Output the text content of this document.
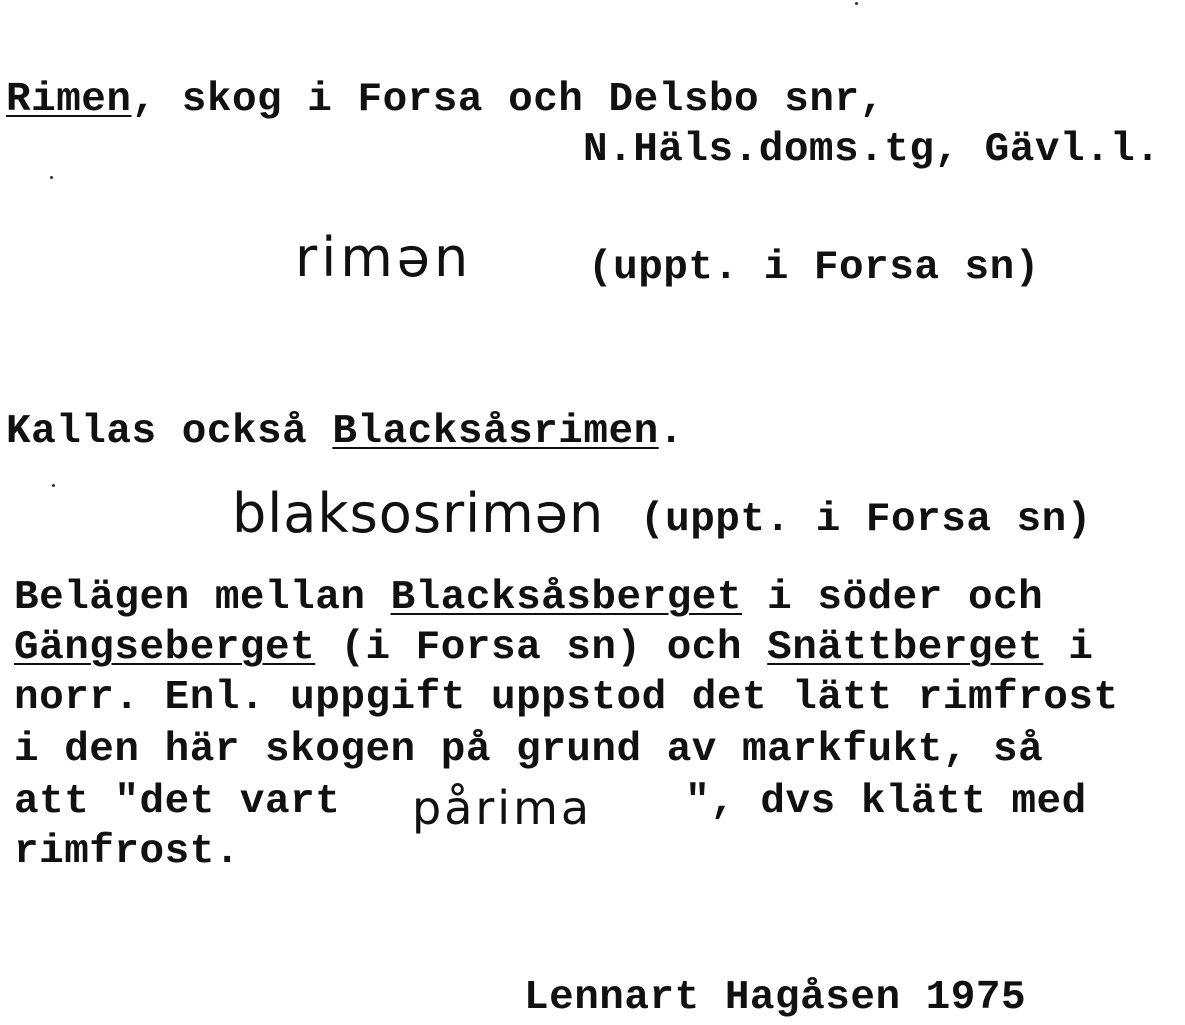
Rimen, skog i Forsa och Delsbo snr,
N.Häls.doms.tg, Gävl.l.
rimən	(uppt. i Forsa sn)
Kallas också Blacksåsrimen.
blaksosrimən (uppt. i Forsa sn)
Belägen mellan Blacksåsberget i söder och
Gängseberget (i Forsa sn) och Snättberget i
norr. Enl. uppgift uppstod det lätt rimfrost
i den här skogen på grund av markfukt, så
att "det vart pårima ", dvs klätt med
rimfrost.
Lennart Hagåsen 1975
